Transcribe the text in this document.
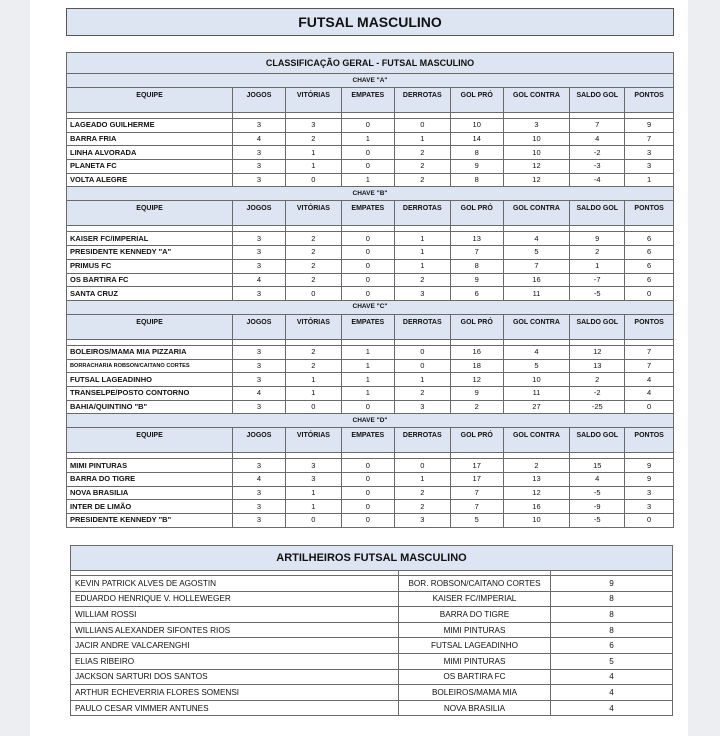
FUTSAL MASCULINO
CLASSIFICAÇÃO GERAL - FUTSAL MASCULINO								
CHAVE "A"								
EQUIPE	JOGOS	VITÓRIAS	EMPATES	DERROTAS	GOL PRÓ	GOL CONTRA	SALDO GOL	PONTOS

LAGEADO GUILHERME	3	3	0	0	10	3	7	9
BARRA FRIA	4	2	1	1	14	10	4	7
LINHA ALVORADA	3	1	0	2	8	10	-2	3
PLANETA FC	3	1	0	2	9	12	-3	3
VOLTA ALEGRE	3	0	1	2	8	12	-4	1
CHAVE "B"								
EQUIPE	JOGOS	VITÓRIAS	EMPATES	DERROTAS	GOL PRÓ	GOL CONTRA	SALDO GOL	PONTOS

KAISER FC/IMPERIAL	3	2	0	1	13	4	9	6
PRESIDENTE KENNEDY "A"	3	2	0	1	7	5	2	6
PRIMUS FC	3	2	0	1	8	7	1	6
OS BARTIRA FC	4	2	0	2	9	16	-7	6
SANTA CRUZ	3	0	0	3	6	11	-5	0
CHAVE "C"								
EQUIPE	JOGOS	VITÓRIAS	EMPATES	DERROTAS	GOL PRÓ	GOL CONTRA	SALDO GOL	PONTOS

BOLEIROS/MAMA MIA PIZZARIA	3	2	1	0	16	4	12	7
BORRACHARIA ROBSON/CAITANO CORTES	3	2	1	0	18	5	13	7
FUTSAL LAGEADINHO	3	1	1	1	12	10	2	4
TRANSELPE/POSTO CONTORNO	4	1	1	2	9	11	-2	4
BAHIA/QUINTINO "B"	3	0	0	3	2	27	-25	0
CHAVE "D"								
EQUIPE	JOGOS	VITÓRIAS	EMPATES	DERROTAS	GOL PRÓ	GOL CONTRA	SALDO GOL	PONTOS

MIMI PINTURAS	3	3	0	0	17	2	15	9
BARRA DO TIGRE	4	3	0	1	17	13	4	9
NOVA BRASILIA	3	1	0	2	7	12	-5	3
INTER DE LIMÃO	3	1	0	2	7	16	-9	3
PRESIDENTE KENNEDY "B"	3	0	0	3	5	10	-5	0
ARTILHEIROS FUTSAL MASCULINO		

KEVIN PATRICK ALVES DE AGOSTIN	BOR. ROBSON/CAITANO CORTES	9
EDUARDO HENRIQUE V. HOLLEWEGER	KAISER FC/IMPERIAL	8
WILLIAM ROSSI	BARRA DO TIGRE	8
WILLIANS ALEXANDER SIFONTES RIOS	MIMI PINTURAS	8
JACIR ANDRE VALCARENGHI	FUTSAL LAGEADINHO	6
ELIAS RIBEIRO	MIMI PINTURAS	5
JACKSON SARTURI DOS SANTOS	OS BARTIRA FC	4
ARTHUR ECHEVERRIA FLORES SOMENSI	BOLEIROS/MAMA MIA	4
PAULO CESAR VIMMER ANTUNES	NOVA BRASILIA	4
